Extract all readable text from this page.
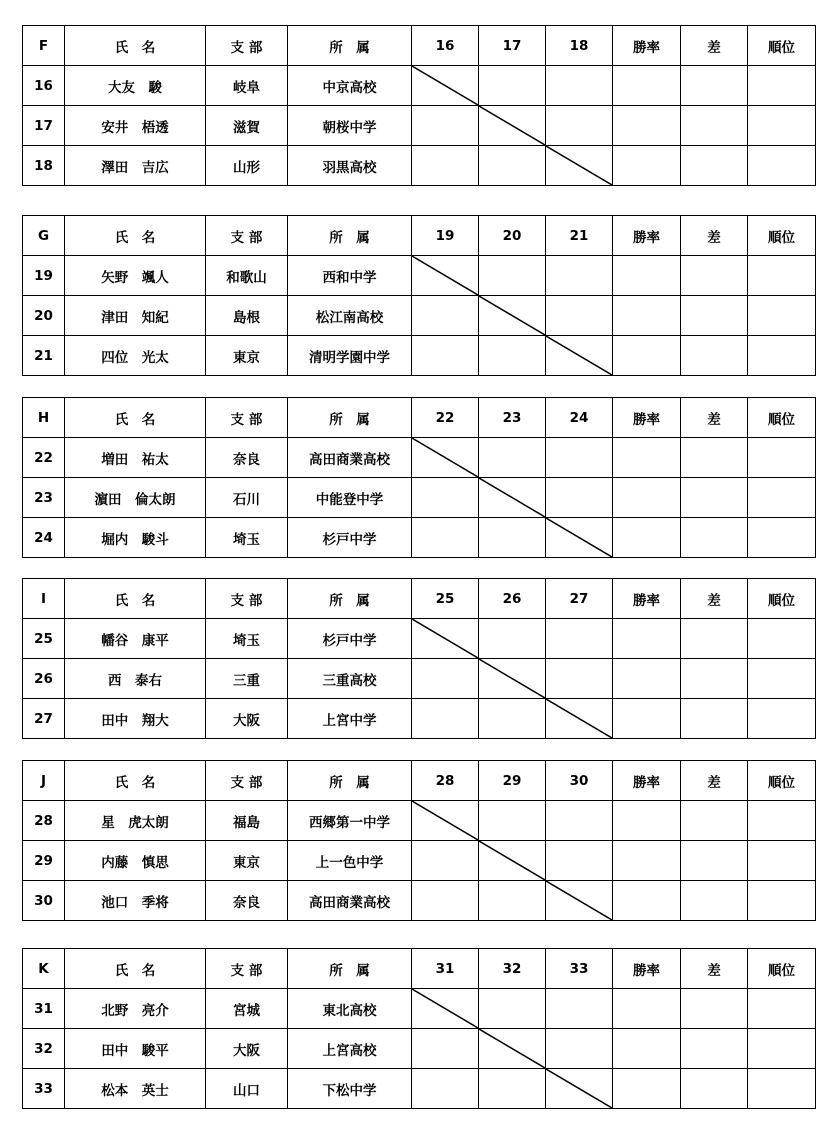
F	氏　名	支 部	所　属	16	17	18	勝率	差	順位
16	大友　駿	岐阜	中京高校	

17	安井　梧透	滋賀	朝桜中学		

18	澤田　吉広	山形	羽黒高校			

G	氏　名	支 部	所　属	19	20	21	勝率	差	順位
19	矢野　颯人	和歌山	西和中学	

20	津田　知紀	島根	松江南高校		

21	四位　光太	東京	清明学園中学			

H	氏　名	支 部	所　属	22	23	24	勝率	差	順位
22	増田　祐太	奈良	高田商業高校	

23	濵田　倫太朗	石川	中能登中学		

24	堀内　駿斗	埼玉	杉戸中学			

I	氏　名	支 部	所　属	25	26	27	勝率	差	順位
25	幡谷　康平	埼玉	杉戸中学	

26	西　泰右	三重	三重高校		

27	田中　翔大	大阪	上宮中学			

J	氏　名	支 部	所　属	28	29	30	勝率	差	順位
28	星　虎太朗	福島	西郷第一中学	

29	内藤　慎思	東京	上一色中学		

30	池口　季将	奈良	高田商業高校			

K	氏　名	支 部	所　属	31	32	33	勝率	差	順位
31	北野　亮介	宮城	東北高校	

32	田中　駿平	大阪	上宮高校		

33	松本　英士	山口	下松中学			
